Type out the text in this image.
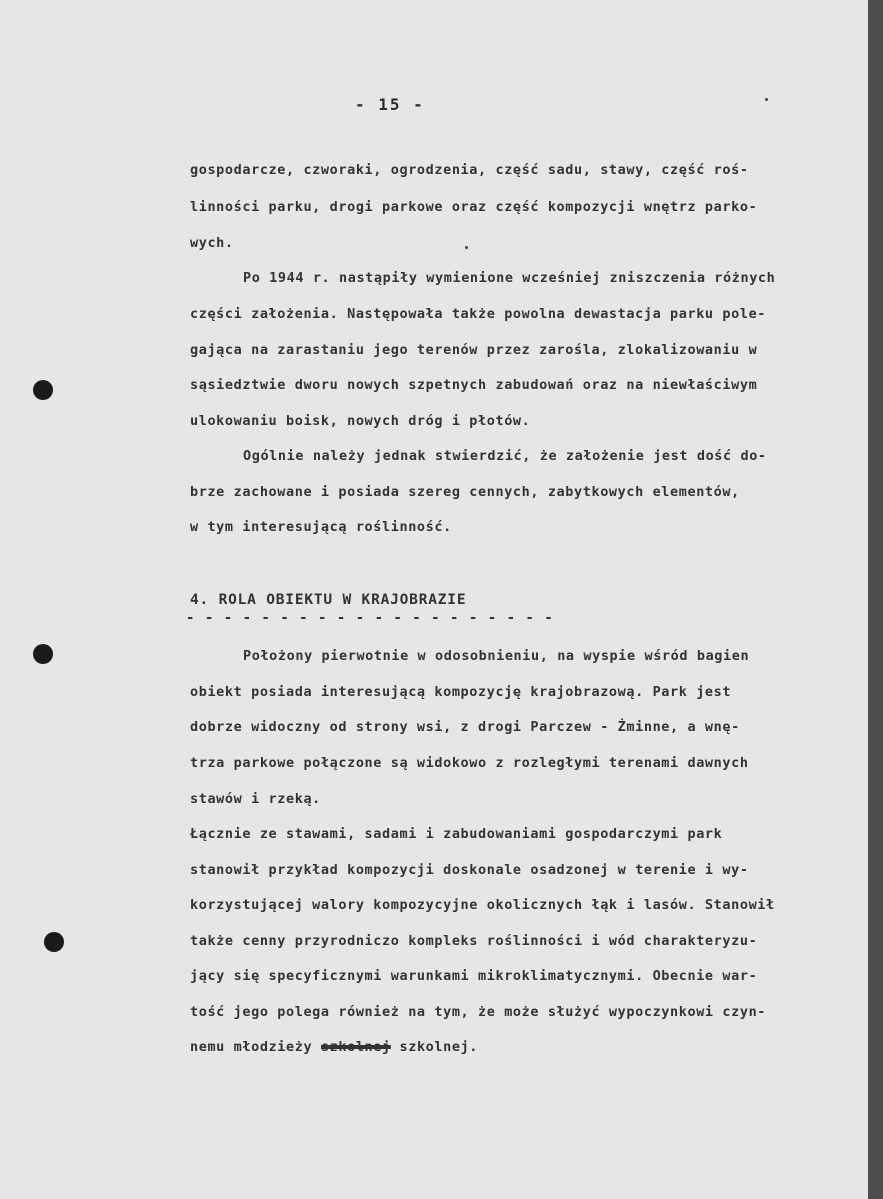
- 15 -
gospodarcze, czworaki, ogrodzenia, część sadu, stawy, część roś-
linności parku, drogi parkowe oraz część kompozycji wnętrz parko-
wych.
Po 1944 r. nastąpiły wymienione wcześniej zniszczenia różnych
części założenia. Następowała także powolna dewastacja parku pole-
gająca na zarastaniu jego terenów przez zarośla, zlokalizowaniu w
sąsiedztwie dworu nowych szpetnych zabudowań oraz na niewłaściwym
ulokowaniu boisk, nowych dróg i płotów.
Ogólnie należy jednak stwierdzić, że założenie jest dość do-
brze zachowane i posiada szereg cennych, zabytkowych elementów,
w tym interesującą roślinność.
4. ROLA OBIEKTU W KRAJOBRAZIE
- - - - - - - - - - - - - - - - - - - -
Położony pierwotnie w odosobnieniu, na wyspie wśród bagien
obiekt posiada interesującą kompozycję krajobrazową. Park jest
dobrze widoczny od strony wsi, z drogi Parczew - Żminne, a wnę-
trza parkowe połączone są widokowo z rozległymi terenami dawnych
stawów i rzeką.
Łącznie ze stawami, sadami i zabudowaniami gospodarczymi park
stanowił przykład kompozycji doskonale osadzonej w terenie i wy-
korzystującej walory kompozycyjne okolicznych łąk i lasów. Stanowił
także cenny przyrodniczo kompleks roślinności i wód charakteryzu-
jący się specyficznymi warunkami mikroklimatycznymi. Obecnie war-
tość jego polega również na tym, że może służyć wypoczynkowi czyn-
nemu młodzieży szkolnej szkolnej.
